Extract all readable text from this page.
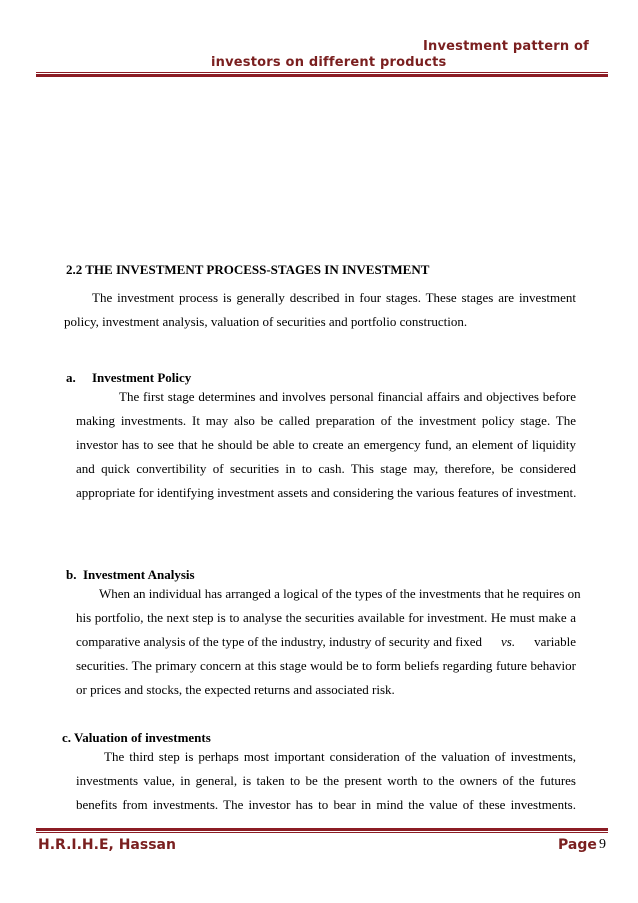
Investment pattern of
investors on different products
2.2 THE INVESTMENT PROCESS-STAGES IN INVESTMENT
The investment process is generally described in four stages. These stages are investment
policy, investment analysis, valuation of securities and portfolio construction.
a. Investment Policy
The first stage determines and involves personal financial affairs and objectives before
making investments. It may also be called preparation of the investment policy stage. The
investor has to see that he should be able to create an emergency fund, an element of liquidity
and quick convertibility of securities in to cash. This stage may, therefore, be considered
appropriate for identifying investment assets and considering the various features of investment.
b.  Investment Analysis
When an individual has arranged a logical of the types of the investments that he requires on
his portfolio, the next step is to analyse the securities available for investment. He must make a
comparative analysis of the type of the industry, industry of security and fixed vs. variable
securities. The primary concern at this stage would be to form beliefs regarding future behavior
or prices and stocks, the expected returns and associated risk.
c. Valuation of investments
The third step is perhaps most important consideration of the valuation of investments,
investments value, in general, is taken to be the present worth to the owners of the futures
benefits from investments. The investor has to bear in mind the value of these investments.
H.R.I.H.E, Hassan	Page 9
